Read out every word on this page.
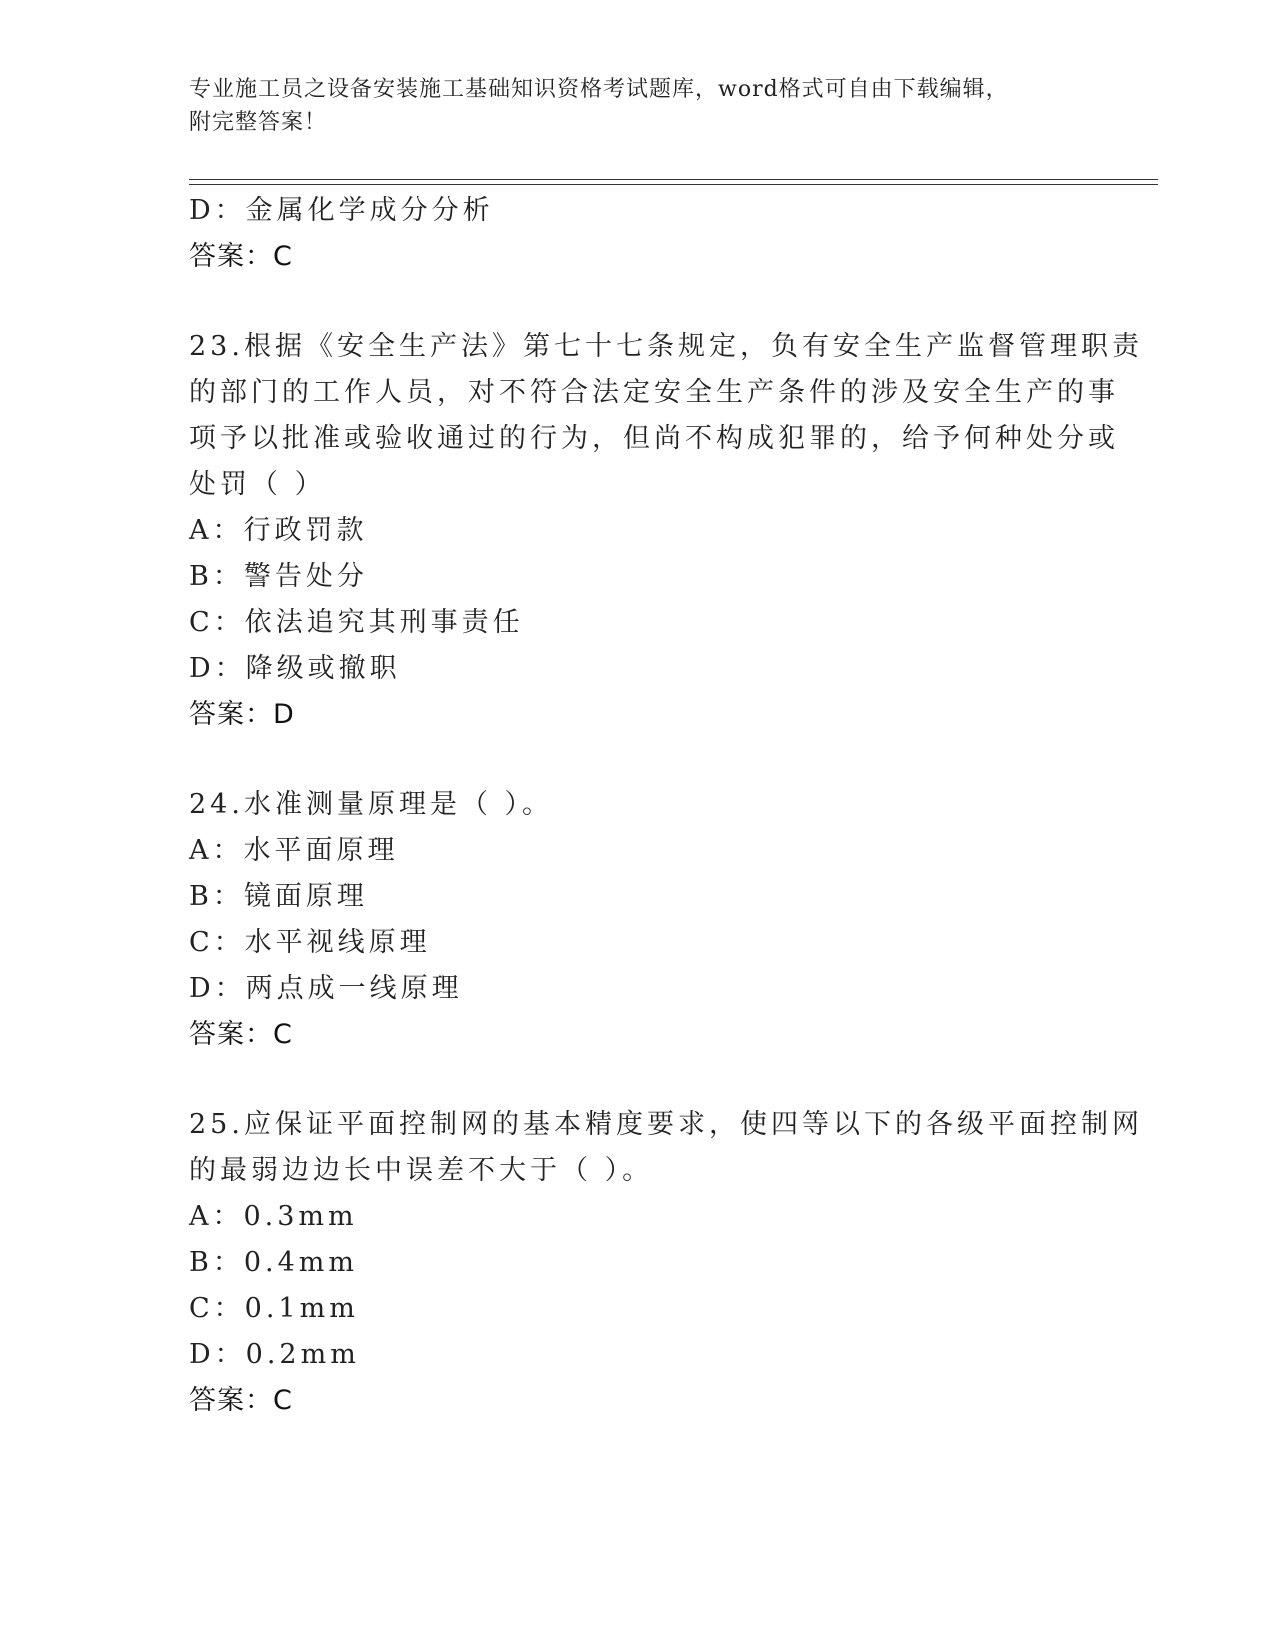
专业施工员之设备安装施工基础知识资格考试题库，word格式可自由下载编辑，
附完整答案！
D：金属化学成分分析
答案：C
23.根据《安全生产法》第七十七条规定，负有安全生产监督管理职责
的部门的工作人员，对不符合法定安全生产条件的涉及安全生产的事
项予以批准或验收通过的行为，但尚不构成犯罪的，给予何种处分或
处罚（ ）
A：行政罚款
B：警告处分
C：依法追究其刑事责任
D：降级或撤职
答案：D
24.水准测量原理是（ ）。
A：水平面原理
B：镜面原理
C：水平视线原理
D：两点成一线原理
答案：C
25.应保证平面控制网的基本精度要求，使四等以下的各级平面控制网
的最弱边边长中误差不大于（ ）。
A：0.3mm
B：0.4mm
C：0.1mm
D：0.2mm
答案：C
